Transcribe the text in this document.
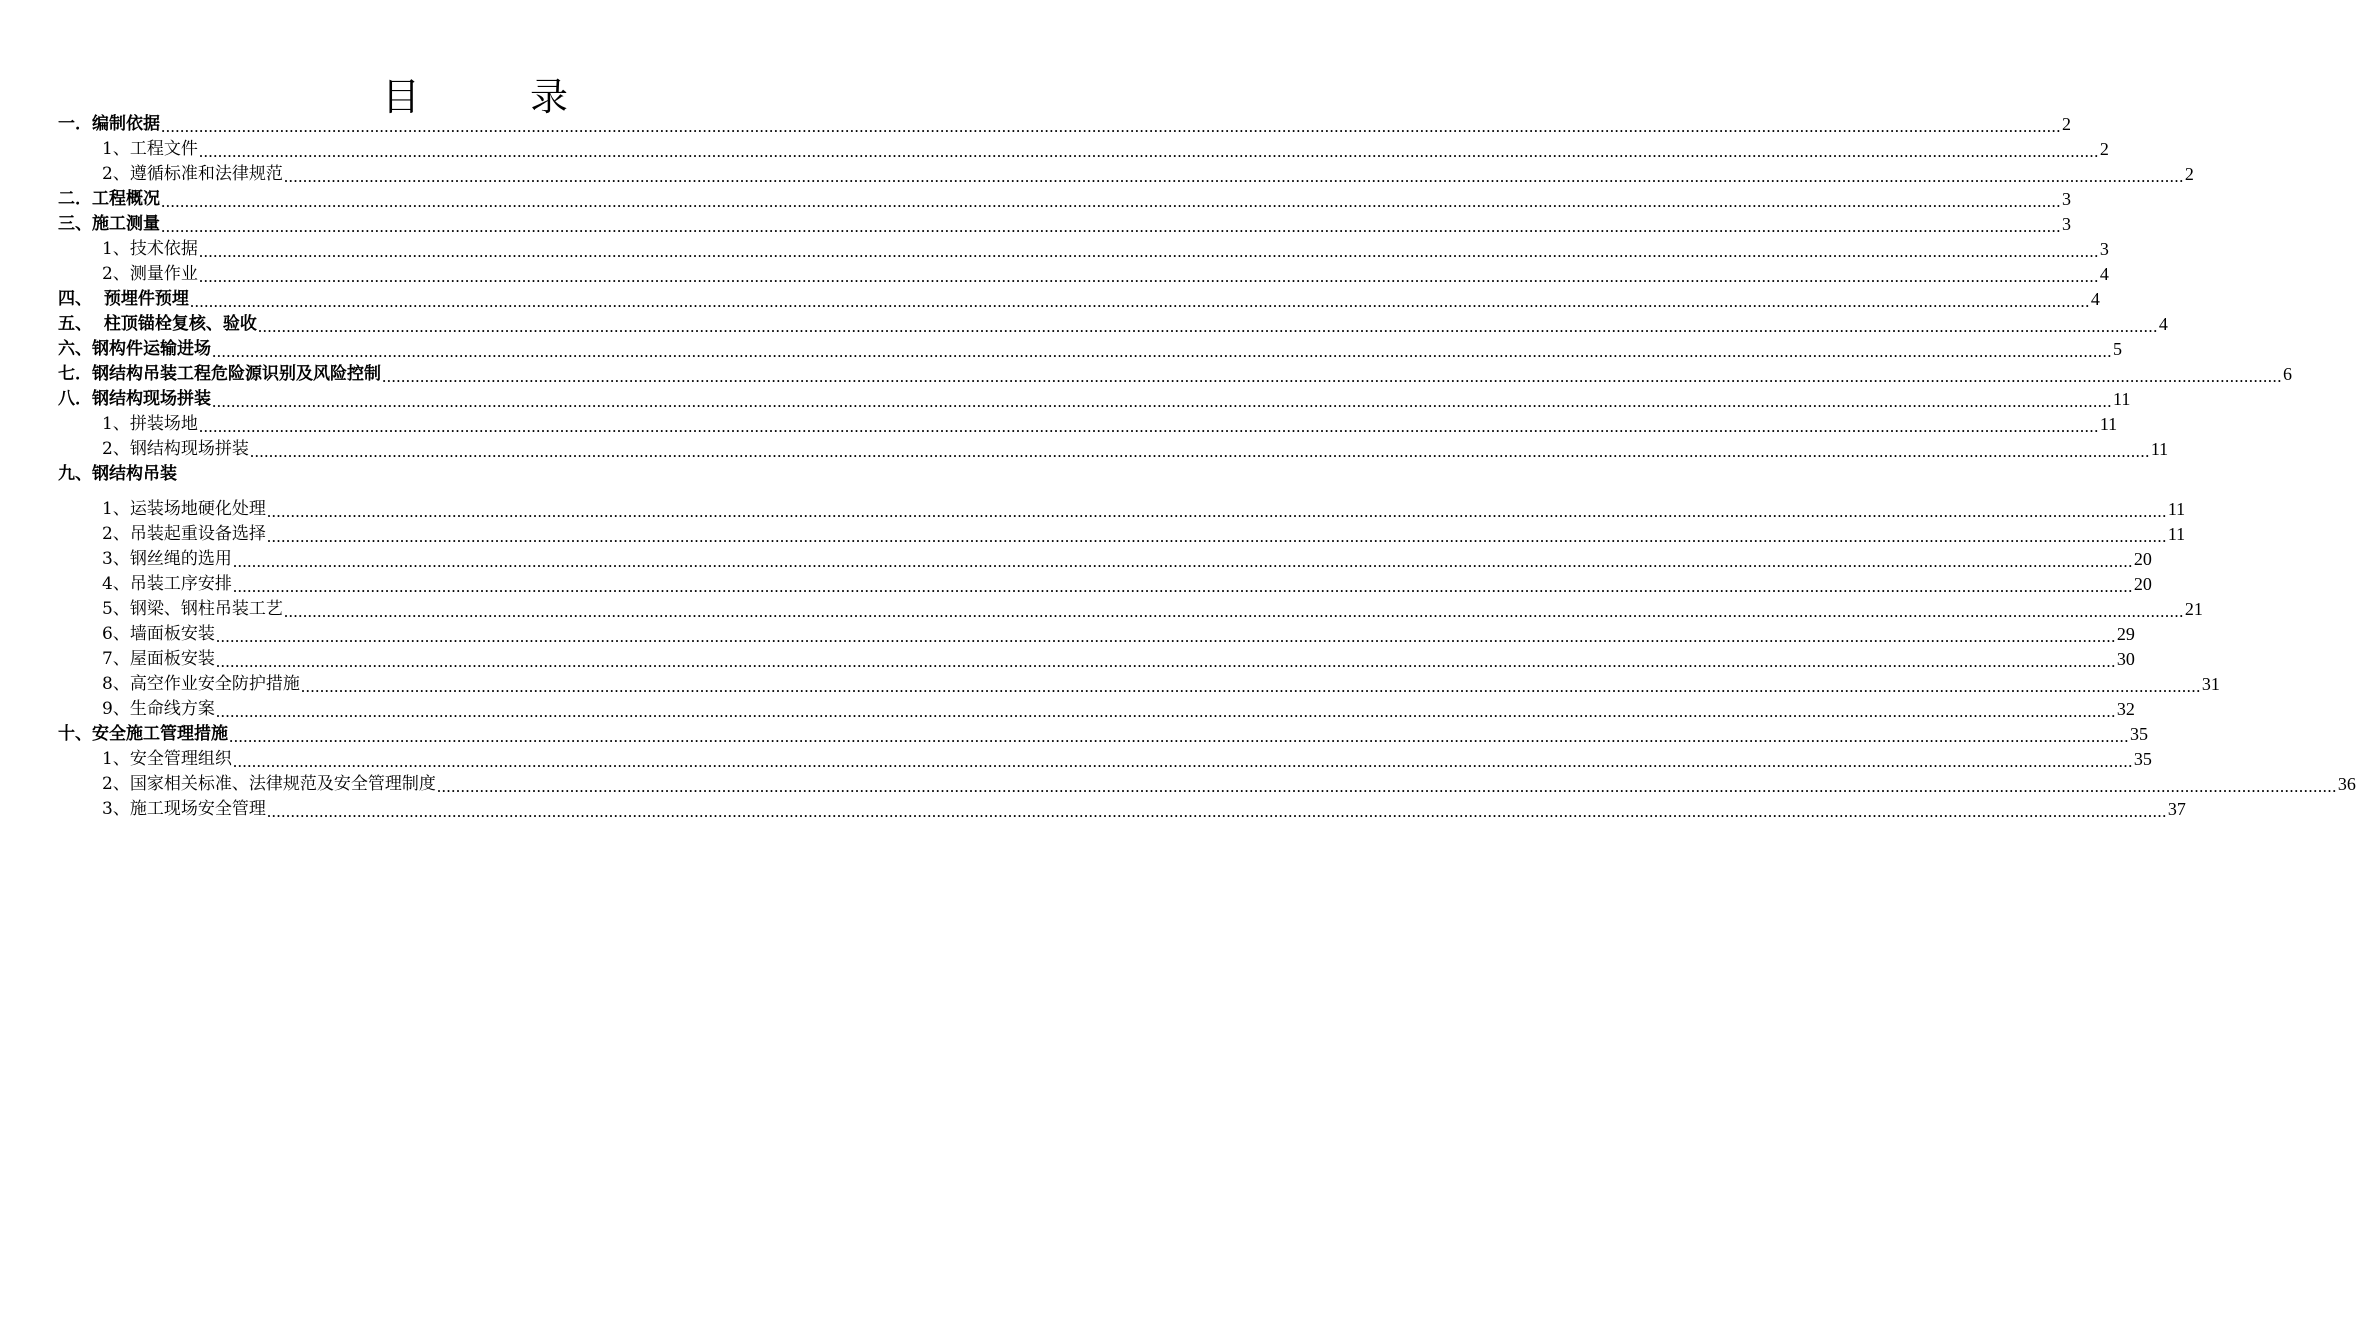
目　录
一．编制依据 ................................................................................................................................................................................................................................................................................................................................................................................................................ 2
1、工程文件 ................................................................................................................................................................................................................................................................................................................................................................................................................ 2
2、遵循标准和法律规范 ................................................................................................................................................................................................................................................................................................................................................................................................................ 2
二．工程概况 ................................................................................................................................................................................................................................................................................................................................................................................................................ 3
三、施工测量 ................................................................................................................................................................................................................................................................................................................................................................................................................ 3
1、技术依据 ................................................................................................................................................................................................................................................................................................................................................................................................................ 3
2、测量作业 ................................................................................................................................................................................................................................................................................................................................................................................................................ 4
四、  预埋件预埋 ................................................................................................................................................................................................................................................................................................................................................................................................................ 4
五、  柱顶锚栓复核、验收 ................................................................................................................................................................................................................................................................................................................................................................................................................ 4
六、钢构件运输进场 ................................................................................................................................................................................................................................................................................................................................................................................................................ 5
七．钢结构吊装工程危险源识别及风险控制 ................................................................................................................................................................................................................................................................................................................................................................................................................ 6
八．钢结构现场拼装 ................................................................................................................................................................................................................................................................................................................................................................................................................ 11
1、拼装场地 ................................................................................................................................................................................................................................................................................................................................................................................................................ 11
2、钢结构现场拼装 ................................................................................................................................................................................................................................................................................................................................................................................................................ 11
九、钢结构吊装
1、运装场地硬化处理 ................................................................................................................................................................................................................................................................................................................................................................................................................ 11
2、吊装起重设备选择 ................................................................................................................................................................................................................................................................................................................................................................................................................ 11
3、钢丝绳的选用 ................................................................................................................................................................................................................................................................................................................................................................................................................ 20
4、吊装工序安排 ................................................................................................................................................................................................................................................................................................................................................................................................................ 20
5、钢梁、钢柱吊装工艺 ................................................................................................................................................................................................................................................................................................................................................................................................................ 21
6、墙面板安装 ................................................................................................................................................................................................................................................................................................................................................................................................................ 29
7、屋面板安装 ................................................................................................................................................................................................................................................................................................................................................................................................................ 30
8、高空作业安全防护措施 ................................................................................................................................................................................................................................................................................................................................................................................................................ 31
9、生命线方案 ................................................................................................................................................................................................................................................................................................................................................................................................................ 32
十、安全施工管理措施 ................................................................................................................................................................................................................................................................................................................................................................................................................ 35
1、安全管理组织 ................................................................................................................................................................................................................................................................................................................................................................................................................ 35
2、国家相关标准、法律规范及安全管理制度 ................................................................................................................................................................................................................................................................................................................................................................................................................ 36
3、施工现场安全管理 ................................................................................................................................................................................................................................................................................................................................................................................................................ 37
